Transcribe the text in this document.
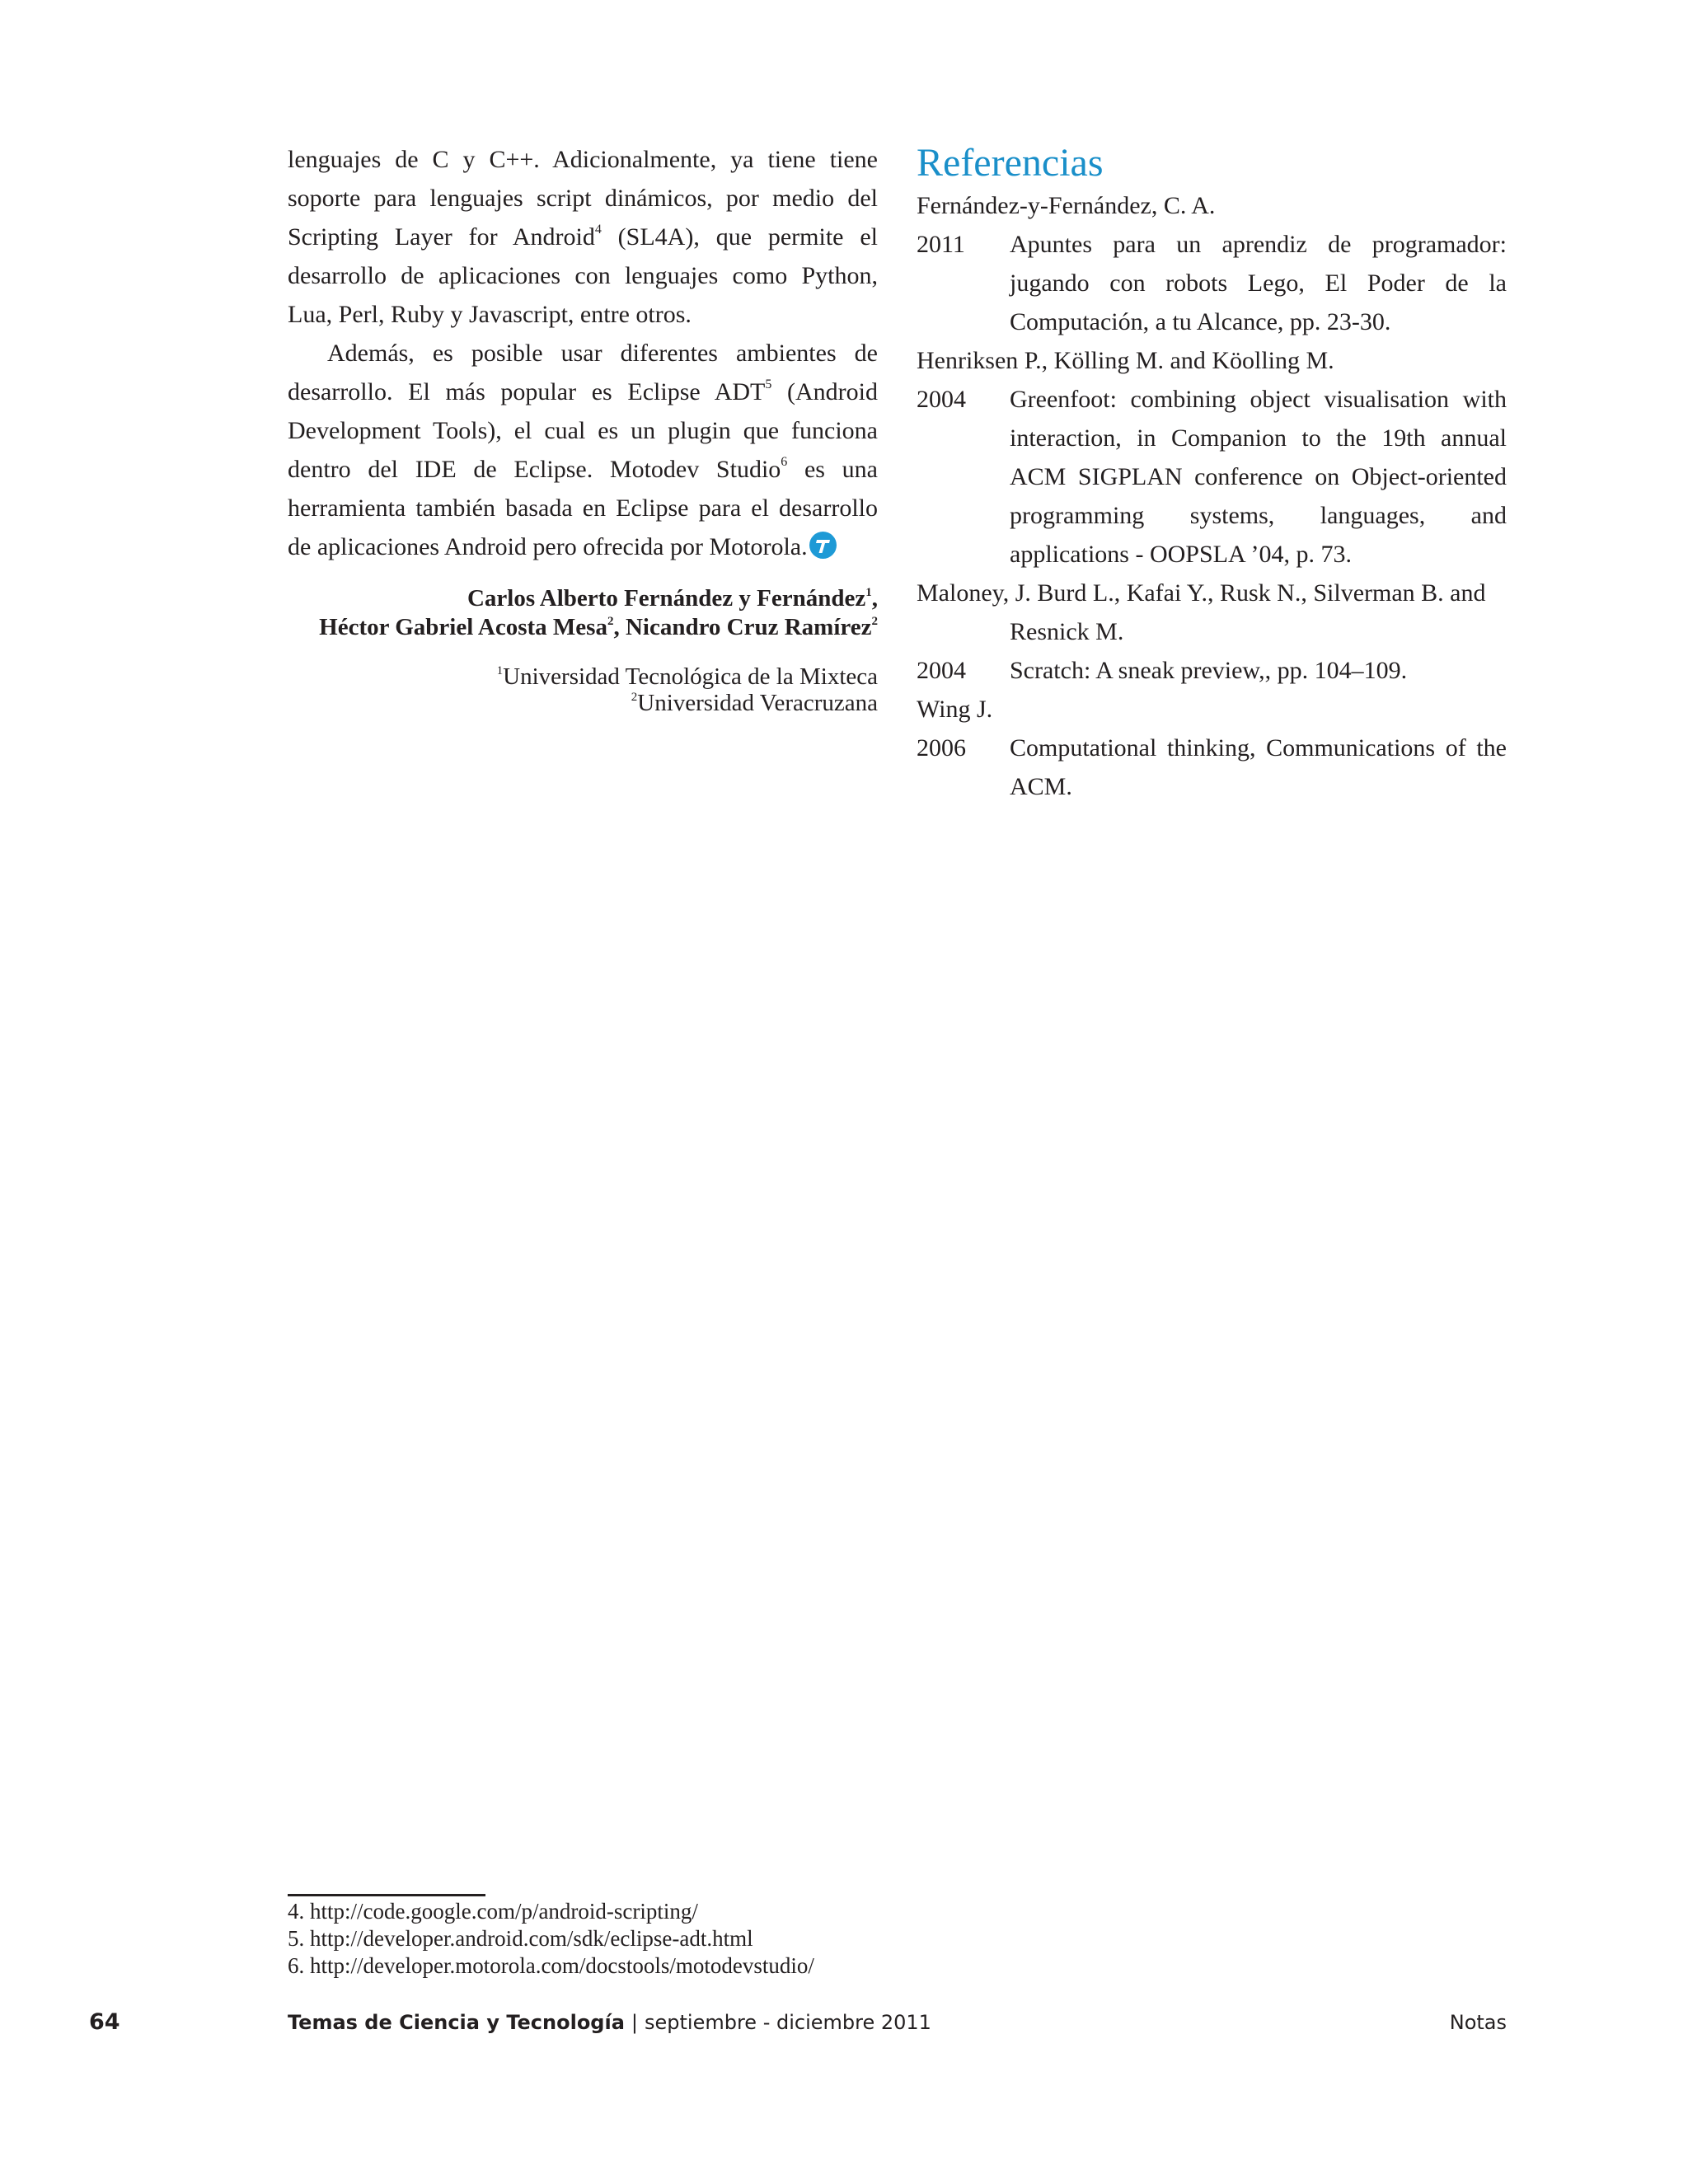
lenguajes de C y C++. Adicionalmente, ya tiene tiene soporte para lenguajes script dinámicos, por medio del Scripting Layer for Android$^4$ (SL4A), que permite el desarrollo de aplicaciones con lenguajes como Python, Lua, Perl, Ruby y Javascript, entre otros.

Además, es posible usar diferentes ambientes de desarrollo. El más popular es Eclipse ADT$^5$ (Android Development Tools), el cual es un plugin que funciona dentro del IDE de Eclipse. Motodev Studio$^6$ es una herramienta también basada en Eclipse para el desarrollo de aplicaciones Android pero ofrecida por Motorola.

Carlos Alberto Fernández y Fernández$^1$,
Héctor Gabriel Acosta Mesa$^2$, Nicandro Cruz Ramírez$^2$
$^1$Universidad Tecnológica de la Mixteca
$^2$Universidad Veracruzana
Referencias

Fernández-y-Fernández, C. A.

2011	Apuntes para un aprendiz de programador: jugando con robots Lego, El Poder de la Computación, a tu Alcance, pp. 23-30.

Henriksen P., Kölling M. and Köolling M.

2004	Greenfoot: combining object visualisation with interaction, in Companion to the 19th annual ACM SIGPLAN conference on Object-oriented programming systems, languages, and applications - OOPSLA ’04, p. 73.

Maloney, J. Burd L., Kafai Y., Rusk N., Silverman B. and

Resnick M.
2004	Scratch: A sneak preview,, pp. 104–109.

Wing J.

2006	Computational thinking, Communications of the ACM.
4. http://code.google.com/p/android-scripting/
5. http://developer.android.com/sdk/eclipse-adt.html
6. http://developer.motorola.com/docstools/motodevstudio/
64	Temas de Ciencia y Tecnología | septiembre - diciembre 2011	Notas
